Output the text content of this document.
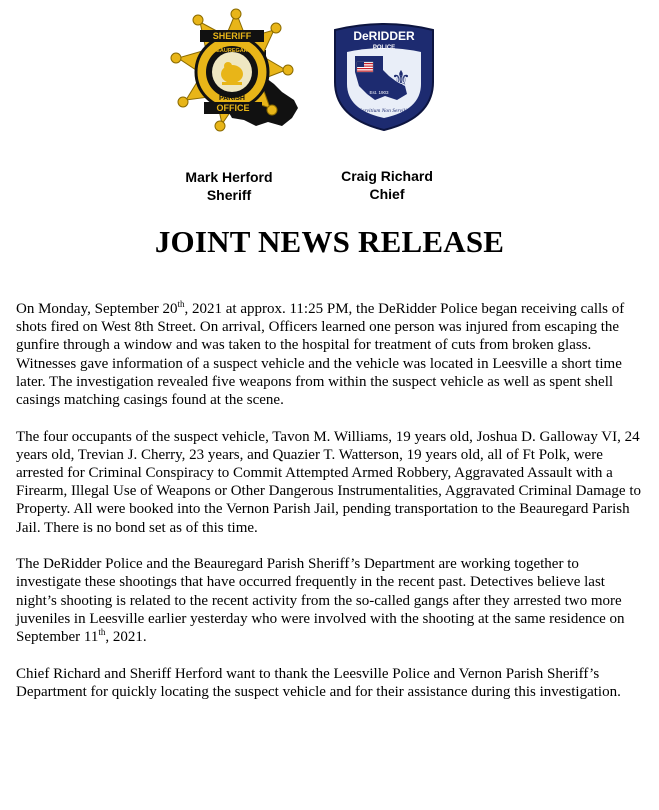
SHERIFF
BEAUREGARD
PARISH
OFFICE
DeRIDDER
POLICE
⚜
Est. 1903
Servitium Non Servilis
Mark Herford
Sheriff
Craig Richard
Chief
JOINT NEWS RELEASE

On Monday, September 20th, 2021 at approx. 11:25 PM, the DeRidder Police began receiving calls of shots fired on West 8th Street. On arrival, Officers learned one person was injured from escaping the gunfire through a window and was taken to the hospital for treatment of cuts from broken glass. Witnesses gave information of a suspect vehicle and the vehicle was located in Leesville a short time later. The investigation revealed five weapons from within the suspect vehicle as well as spent shell casings matching casings found at the scene.

The four occupants of the suspect vehicle, Tavon M. Williams, 19 years old, Joshua D. Galloway VI, 24 years old, Trevian J. Cherry, 23 years, and Quazier T. Watterson, 19 years old, all of Ft Polk, were arrested for Criminal Conspiracy to Commit Attempted Armed Robbery, Aggravated Assault with a Firearm, Illegal Use of Weapons or Other Dangerous Instrumentalities, Aggravated Criminal Damage to Property. All were booked into the Vernon Parish Jail, pending transportation to the Beauregard Parish Jail. There is no bond set as of this time.

The DeRidder Police and the Beauregard Parish Sheriff’s Department are working together to investigate these shootings that have occurred frequently in the recent past. Detectives believe last night’s shooting is related to the recent activity from the so-called gangs after they arrested two more juveniles in Leesville earlier yesterday who were involved with the shooting at the same residence on September 11th, 2021.

Chief Richard and Sheriff Herford want to thank the Leesville Police and Vernon Parish Sheriff’s Department for quickly locating the suspect vehicle and for their assistance during this investigation.
